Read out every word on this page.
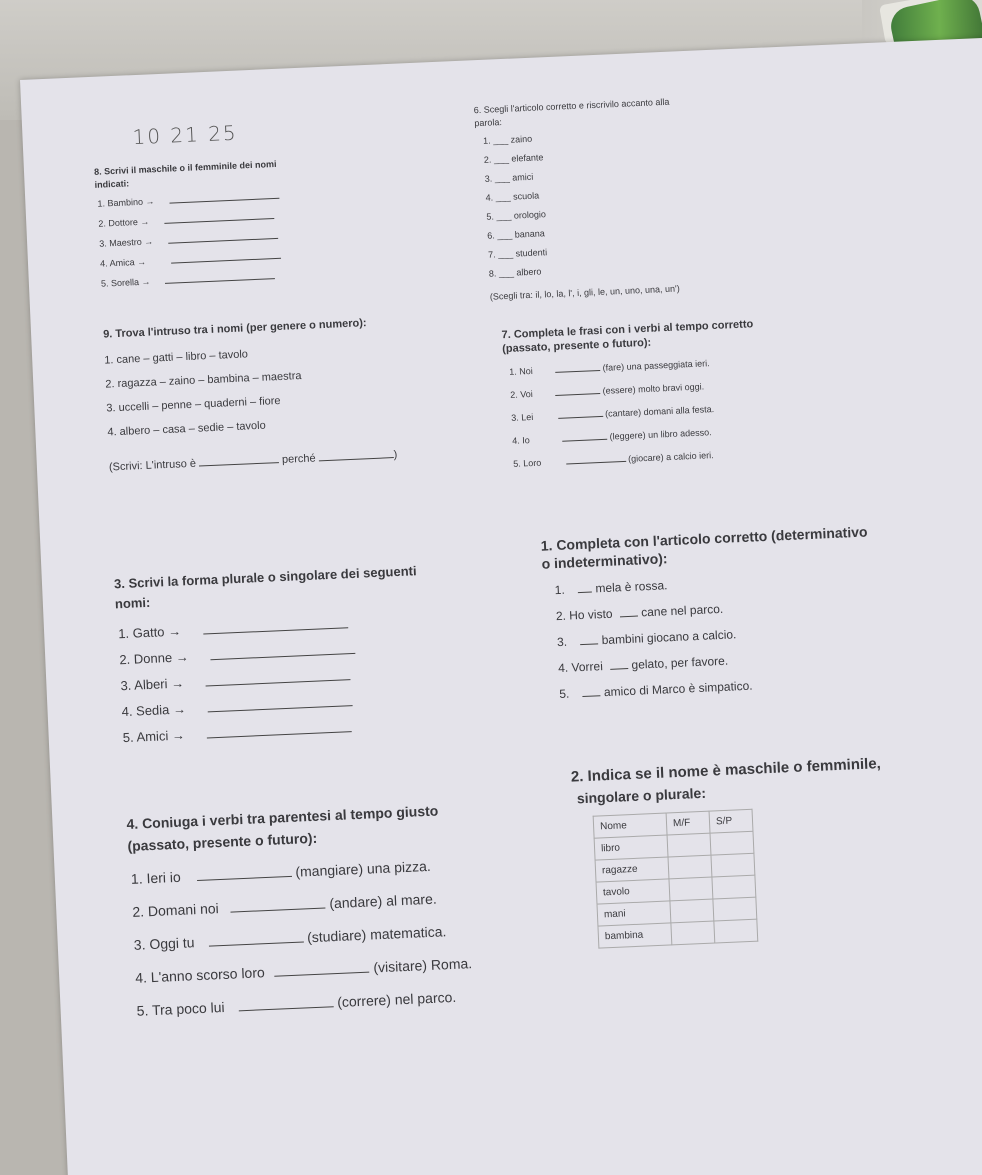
10 21 25
6. Scegli l'articolo corretto e riscrivilo accanto alla
parola:
1. ___ zaino
2. ___ elefante
3. ___ amici
4. ___ scuola
5. ___ orologio
6. ___ banana
7. ___ studenti
8. ___ albero
(Scegli tra: il, lo, la, l', i, gli, le, un, uno, una, un')
8. Scrivi il maschile o il femminile dei nomi
indicati:
1. Bambino →
2. Dottore →
3. Maestro →
4. Amica →
5. Sorella →
9. Trova l'intruso tra i nomi (per genere o numero):
1. cane – gatti – libro – tavolo
2. ragazza – zaino – bambina – maestra
3. uccelli – penne – quaderni – fiore
4. albero – casa – sedie – tavolo
(Scrivi: L'intruso è	perché	)
7. Completa le frasi con i verbi al tempo corretto
(passato, presente o futuro):
1. Noi	(fare) una passeggiata ieri.
2. Voi	(essere) molto bravi oggi.
3. Lei	(cantare) domani alla festa.
4. Io	(leggere) un libro adesso.
5. Loro	(giocare) a calcio ieri.
3. Scrivi la forma plurale o singolare dei seguenti
nomi:
1. Gatto →
2. Donne →
3. Alberi →
4. Sedia →
5. Amici →
1. Completa con l'articolo corretto (determinativo
o indeterminativo):
1.	mela è rossa.
2. Ho visto cane nel parco.
3.	bambini giocano a calcio.
4. Vorrei gelato, per favore.
5.	amico di Marco è simpatico.
4. Coniuga i verbi tra parentesi al tempo giusto
(passato, presente o futuro):
1. Ieri io	(mangiare) una pizza.
2. Domani noi	(andare) al mare.
3. Oggi tu	(studiare) matematica.
4. L'anno scorso loro	(visitare) Roma.
5. Tra poco lui	(correre) nel parco.
2. Indica se il nome è maschile o femminile,
singolare o plurale:
Nome	M/F	S/P
libro		
ragazze		
tavolo		
mani		
bambina		
